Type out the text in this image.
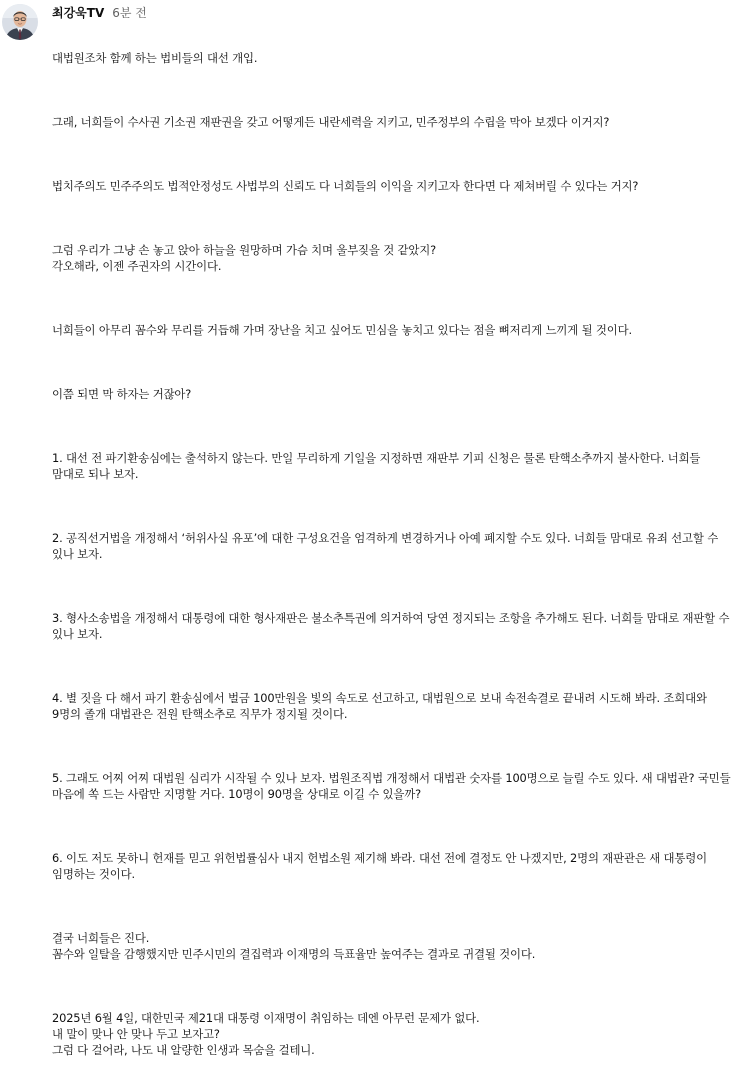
최강욱TV 6분 전

대법원조차 함께 하는 법비들의 대선 개입.

그래, 너희들이 수사권 기소권 재판권을 갖고 어떻게든 내란세력을 지키고, 민주정부의 수립을 막아 보겠다 이거지?

법치주의도 민주주의도 법적안정성도 사법부의 신뢰도 다 너희들의 이익을 지키고자 한다면 다 제쳐버릴 수 있다는 거지?

그럼 우리가 그냥 손 놓고 앉아 하늘을 원망하며 가슴 치며 울부짖을 것 같았지?
각오해라, 이젠 주권자의 시간이다.

너희들이 아무리 꼼수와 무리를 거듭해 가며 장난을 치고 싶어도 민심을 놓치고 있다는 점을 뼈저리게 느끼게 될 것이다.

이쯤 되면 막 하자는 거잖아?

1. 대선 전 파기환송심에는 출석하지 않는다. 만일 무리하게 기일을 지정하면 재판부 기피 신청은 물론 탄핵소추까지 불사한다. 너희들 맘대로 되나 보자.

2. 공직선거법을 개정해서 ‘허위사실 유포’에 대한 구성요건을 엄격하게 변경하거나 아예 폐지할 수도 있다. 너희들 맘대로 유죄 선고할 수 있나 보자.

3. 형사소송법을 개정해서 대통령에 대한 형사재판은 불소추특권에 의거하여 당연 정지되는 조항을 추가해도 된다. 너희들 맘대로 재판할 수 있나 보자.

4. 별 짓을 다 해서 파기 환송심에서 벌금 100만원을 빛의 속도로 선고하고, 대법원으로 보내 속전속결로 끝내려 시도해 봐라. 조희대와 9명의 졸개 대법관은 전원 탄핵소추로 직무가 정지될 것이다.

5. 그래도 어찌 어찌 대법원 심리가 시작될 수 있나 보자. 법원조직법 개정해서 대법관 숫자를 100명으로 늘릴 수도 있다. 새 대법관? 국민들 마음에 쏙 드는 사람만 지명할 거다. 10명이 90명을 상대로 이길 수 있을까?

6. 이도 저도 못하니 헌재를 믿고 위헌법률심사 내지 헌법소원 제기해 봐라. 대선 전에 결정도 안 나겠지만, 2명의 재판관은 새 대통령이 임명하는 것이다.

결국 너희들은 진다.
꼼수와 일탈을 감행했지만 민주시민의 결집력과 이재명의 득표율만 높여주는 결과로 귀결될 것이다.

2025년 6월 4일, 대한민국 제21대 대통령 이재명이 취임하는 데엔 아무런 문제가 없다.
내 말이 맞나 안 맞나 두고 보자고?
그럼 다 걸어라, 나도 내 알량한 인생과 목숨을 걸테니.
